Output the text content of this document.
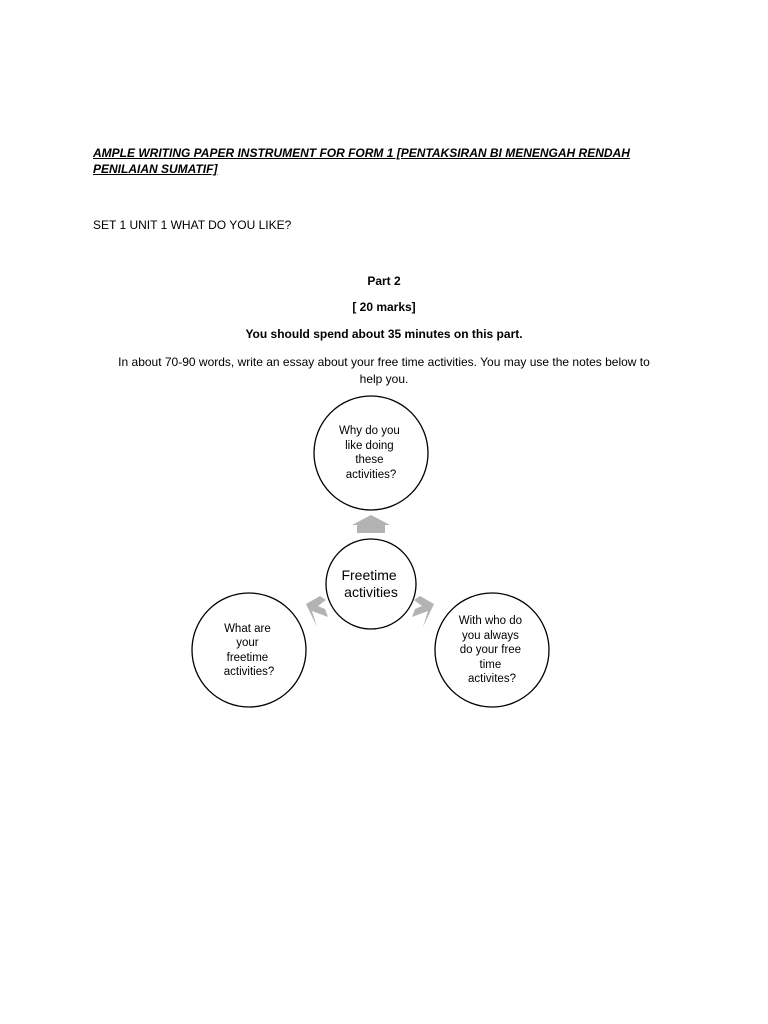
AMPLE WRITING PAPER INSTRUMENT FOR FORM 1 [PENTAKSIRAN BI MENENGAH RENDAH
PENILAIAN SUMATIF]
SET 1 UNIT 1 WHAT DO YOU LIKE?
Part 2
[ 20 marks]
You should spend about 35 minutes on this part.
In about 70-90 words, write an essay about your free time activities. You may use the notes below to
help you.
Freetime activities
Why do you like doing these activities?
What are your freetime activities?
With who do you always do your free time activites?
